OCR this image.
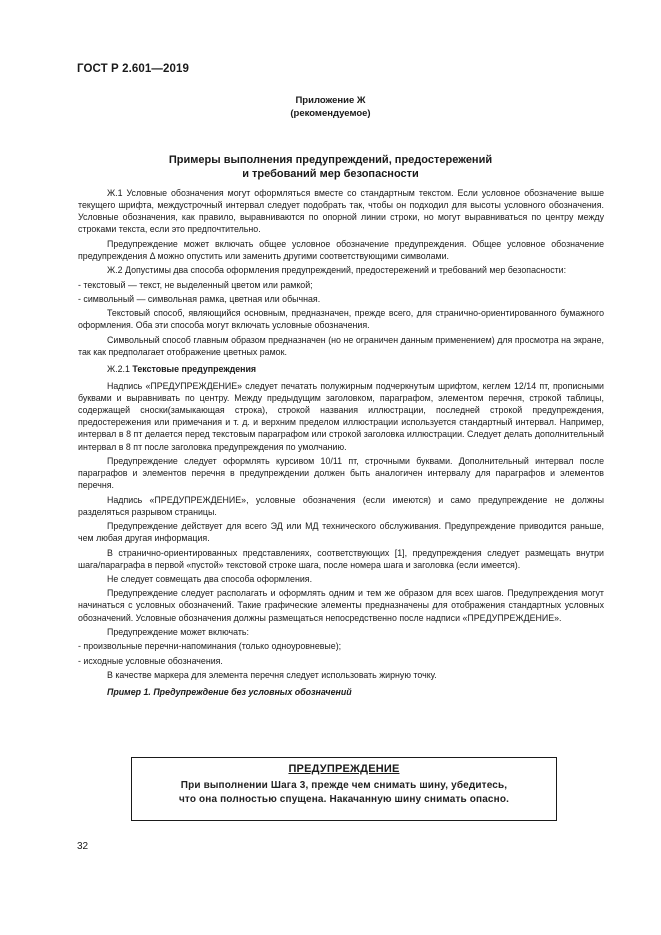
ГОСТ Р 2.601—2019
Приложение Ж
(рекомендуемое)
Примеры выполнения предупреждений, предостережений
и требований мер безопасности

Ж.1 Условные обозначения могут оформляться вместе со стандартным текстом. Если условное обозначение выше текущего шрифта, междустрочный интервал следует подобрать так, чтобы он подходил для высоты условного обозначения. Условные обозначения, как правило, выравниваются по опорной линии строки, но могут выравниваться по центру между строками текста, если это предпочтительно.

Предупреждение может включать общее условное обозначение предупреждения. Общее условное обозначение предупреждения Δ можно опустить или заменить другими соответствующими символами.

Ж.2 Допустимы два способа оформления предупреждений, предостережений и требований мер безопасности:

- текстовый — текст, не выделенный цветом или рамкой;

- символьный — символьная рамка, цветная или обычная.

Текстовый способ, являющийся основным, предназначен, прежде всего, для странично-ориентированного бумажного оформления. Оба эти способа могут включать условные обозначения.

Символьный способ главным образом предназначен (но не ограничен данным применением) для просмотра на экране, так как предполагает отображение цветных рамок.

Ж.2.1 Текстовые предупреждения

Надпись «ПРЕДУПРЕЖДЕНИЕ» следует печатать полужирным подчеркнутым шрифтом, кеглем 12/14 пт, прописными буквами и выравнивать по центру. Между предыдущим заголовком, параграфом, элементом перечня, строкой таблицы, содержащей сноски(замыкающая строка), строкой названия иллюстрации, последней строкой предупреждения, предостережения или примечания и т. д. и верхним пределом иллюстрации используется стандартный интервал. Например, интервал в 8 пт делается перед текстовым параграфом или строкой заголовка иллюстрации. Следует делать дополнительный интервал в 8 пт после заголовка предупреждения по умолчанию.

Предупреждение следует оформлять курсивом 10/11 пт, строчными буквами. Дополнительный интервал после параграфов и элементов перечня в предупреждении должен быть аналогичен интервалу для параграфов и элементов перечня.

Надпись «ПРЕДУПРЕЖДЕНИЕ», условные обозначения (если имеются) и само предупреждение не должны разделяться разрывом страницы.

Предупреждение действует для всего ЭД или МД технического обслуживания. Предупреждение приводится раньше, чем любая другая информация.

В странично-ориентированных представлениях, соответствующих [1], предупреждения следует размещать внутри шага/параграфа в первой «пустой» текстовой строке шага, после номера шага и заголовка (если имеется).

Не следует совмещать два способа оформления.

Предупреждение следует располагать и оформлять одним и тем же образом для всех шагов. Предупреждения могут начинаться с условных обозначений. Такие графические элементы предназначены для отображения стандартных условных обозначений. Условные обозначения должны размещаться непосредственно после надписи «ПРЕДУПРЕЖДЕНИЕ».

Предупреждение может включать:

- произвольные перечни-напоминания (только одноуровневые);

- исходные условные обозначения.

В качестве маркера для элемента перечня следует использовать жирную точку.

Пример 1. Предупреждение без условных обозначений

ПРЕДУПРЕЖДЕНИЕ
При выполнении Шага 3, прежде чем снимать шину, убедитесь,
что она полностью спущена. Накачанную шину снимать опасно.
32
